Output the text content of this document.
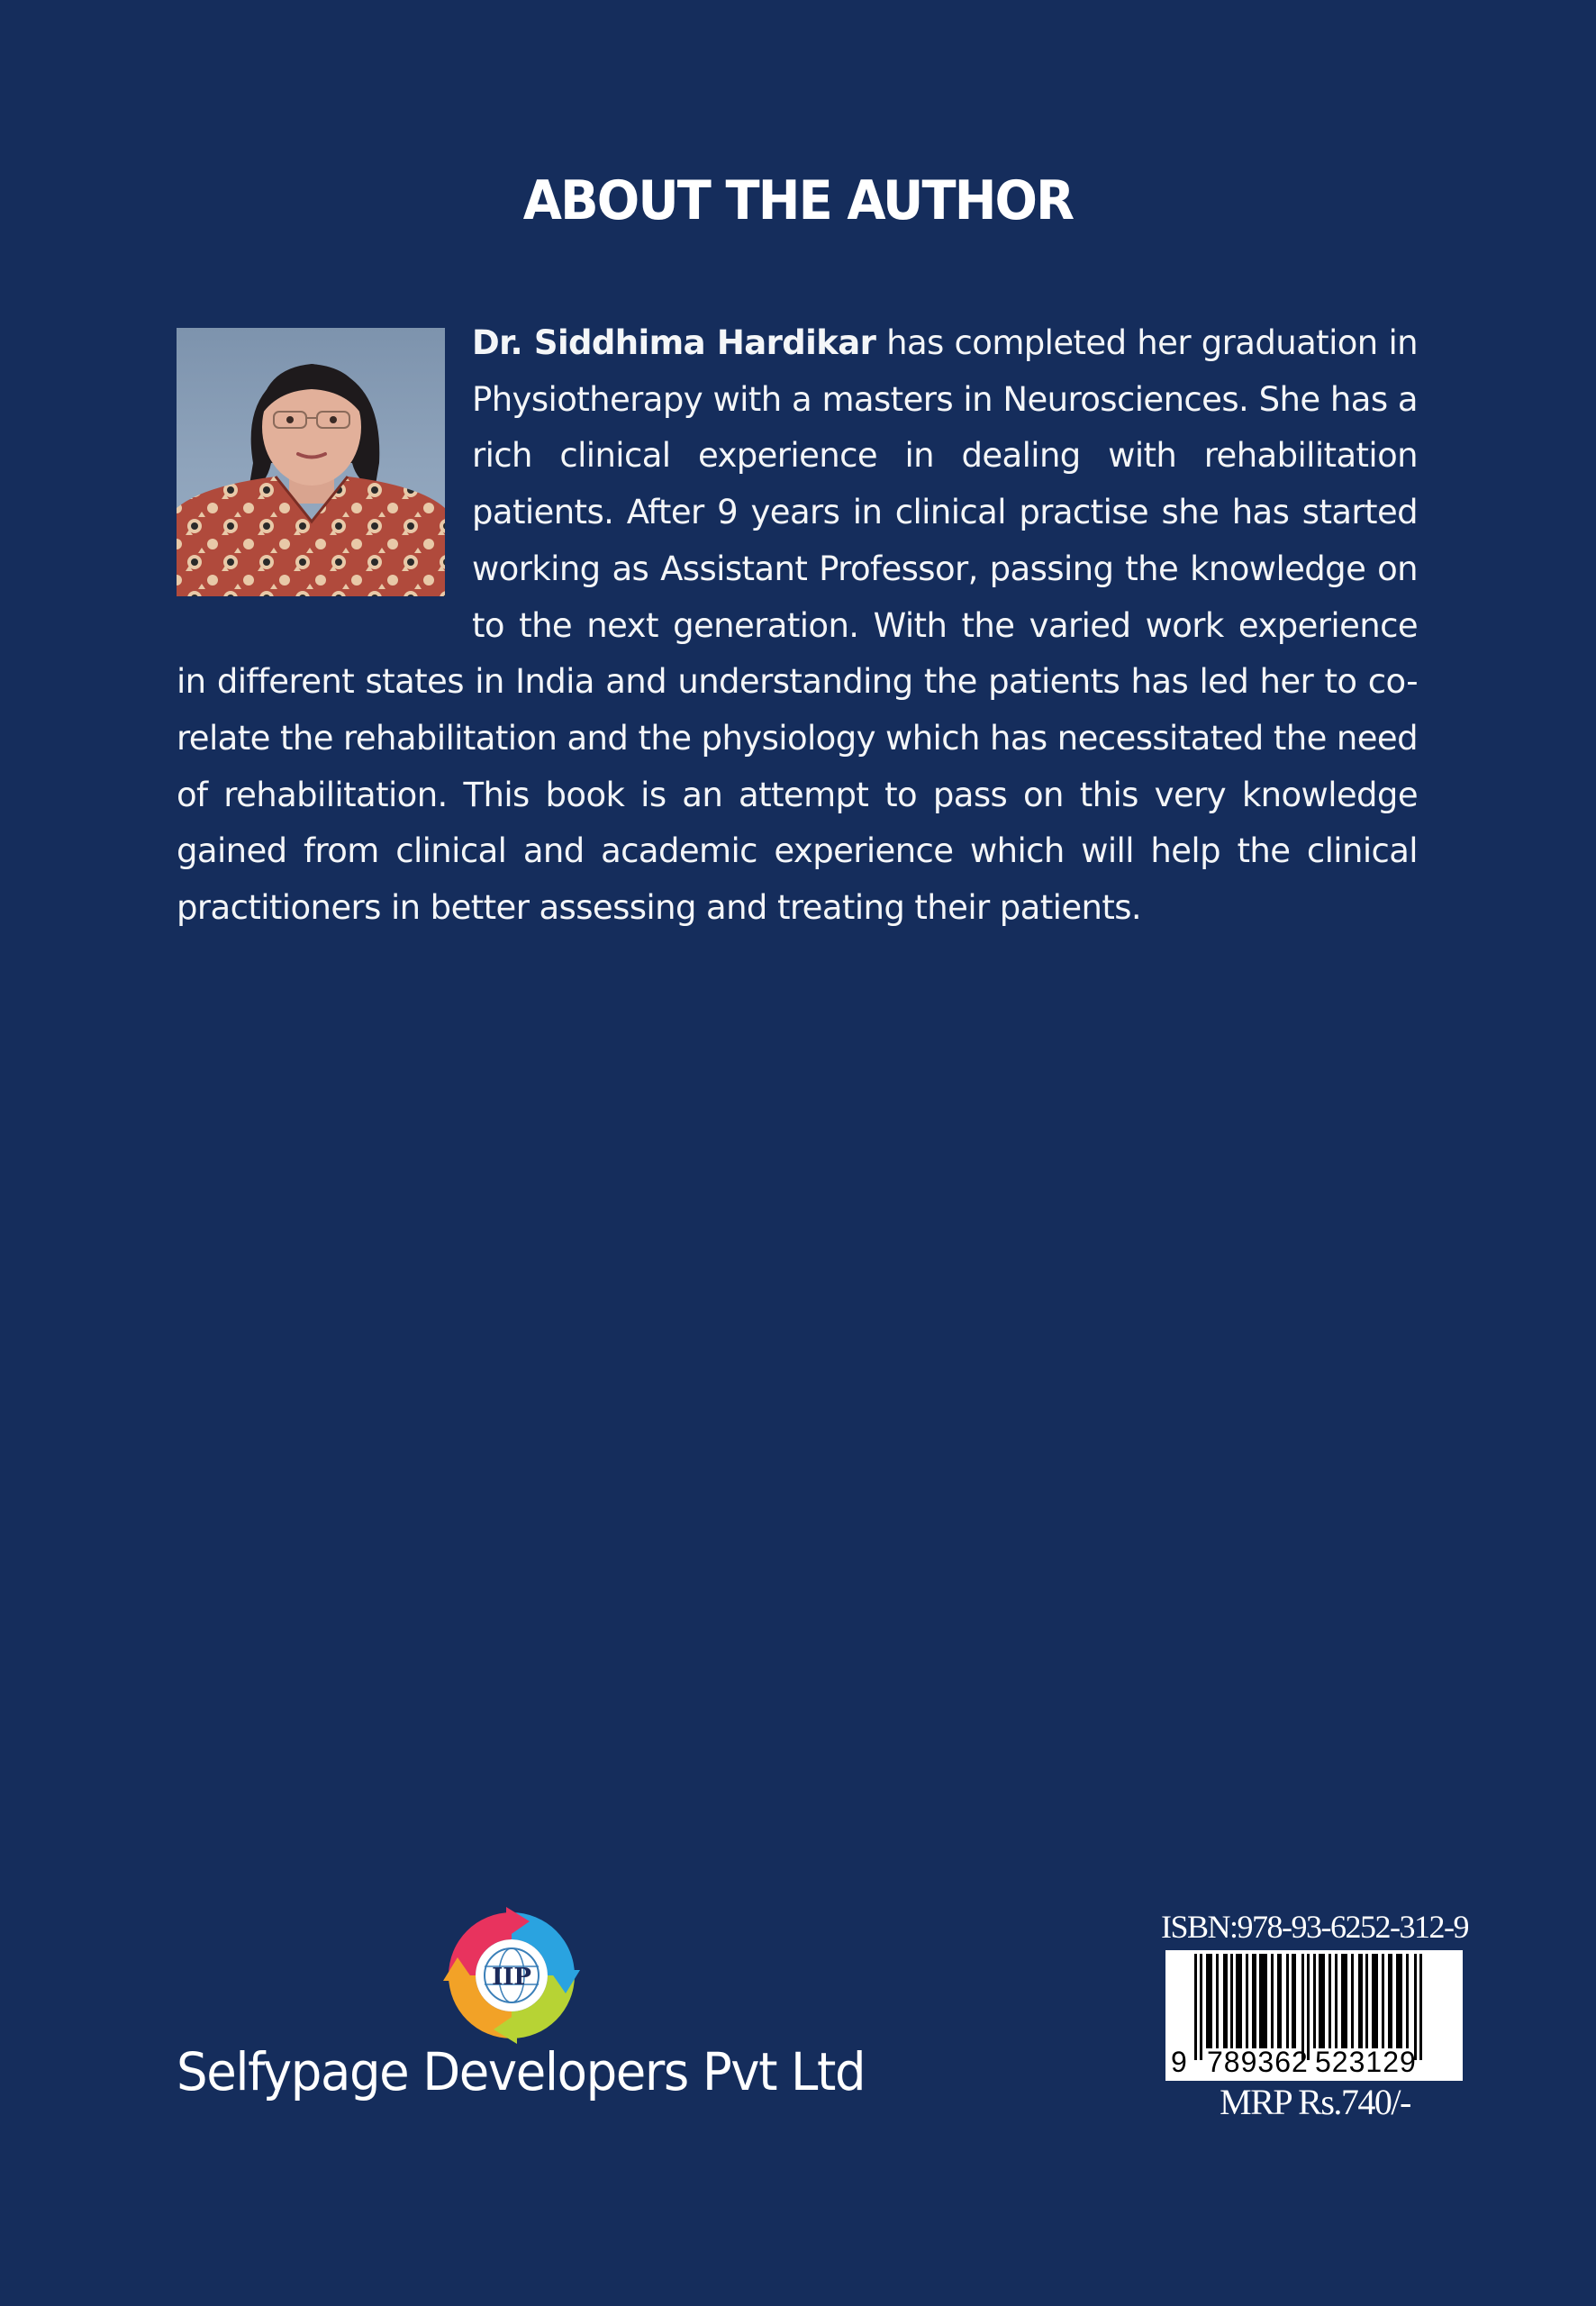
ABOUT THE AUTHOR
Dr. Siddhima Hardikar has completed her graduation in Physiotherapy with a masters in Neurosciences. She has a rich clinical experience in dealing with rehabilitation patients. After 9 years in clinical practise she has started working as Assistant Professor, passing the knowledge on to the next generation. With the varied work experience in different states in India and understanding the patients has led her to co-relate the rehabilitation and the physiology which has necessitated the need of rehabilitation. This book is an attempt to pass on this very knowledge gained from clinical and academic experience which will help the clinical practitioners in better assessing and treating their patients.
IIP
Selfypage Developers Pvt Ltd
ISBN:978-93-6252-312-9
9 789362 523129
MRP Rs.740/-
